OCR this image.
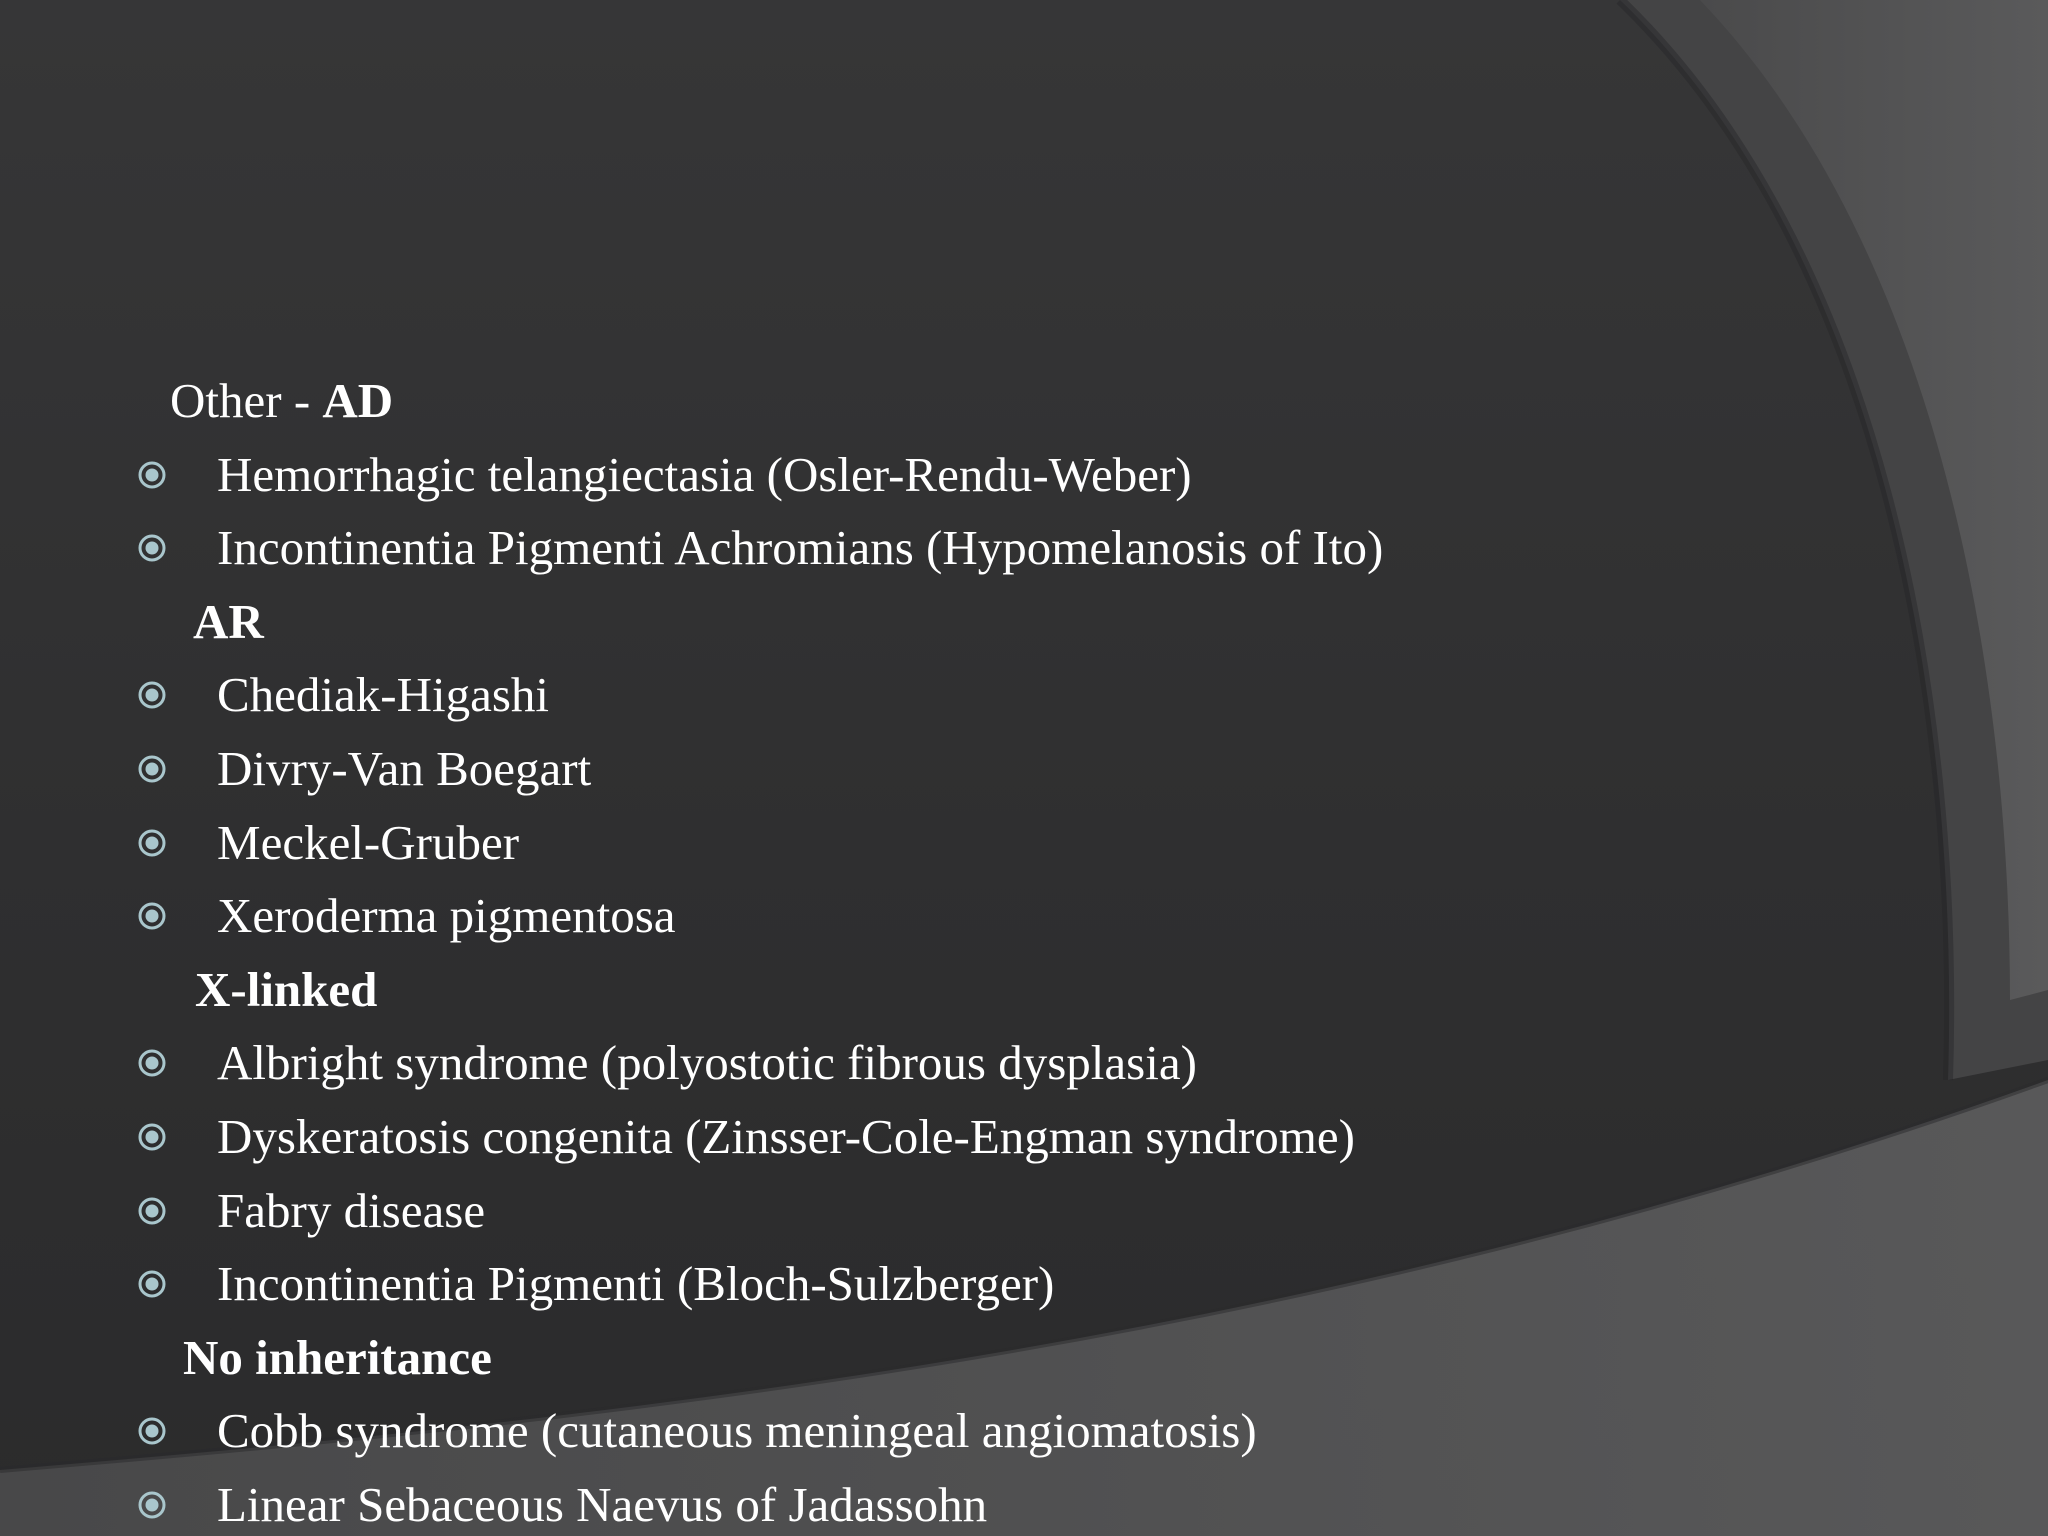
Other - AD
Hemorrhagic telangiectasia (Osler-Rendu-Weber)
Incontinentia Pigmenti Achromians (Hypomelanosis of Ito)
AR
Chediak-Higashi
Divry-Van Boegart
Meckel-Gruber
Xeroderma pigmentosa
X-linked
Albright syndrome (polyostotic fibrous dysplasia)
Dyskeratosis congenita (Zinsser-Cole-Engman syndrome)
Fabry disease
Incontinentia Pigmenti (Bloch-Sulzberger)
No inheritance
Cobb syndrome (cutaneous meningeal angiomatosis)
Linear Sebaceous Naevus of Jadassohn
